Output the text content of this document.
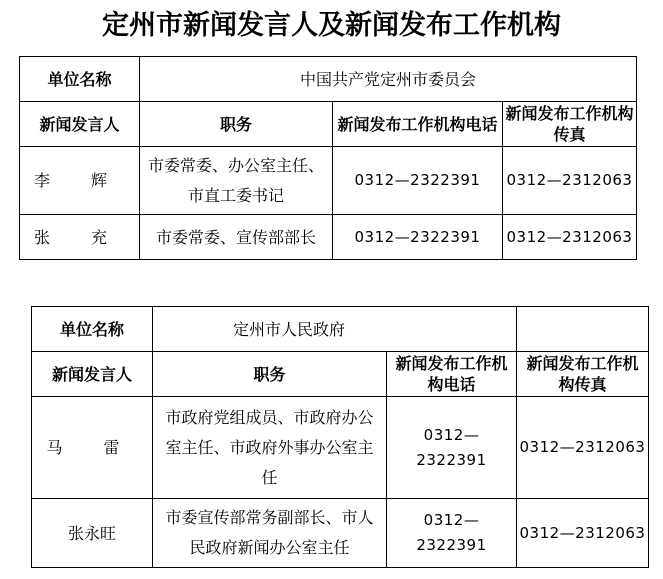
定州市新闻发言人及新闻发布工作机构
单位名称	中国共产党定州市委员会		
新闻发言人	职务	新闻发布工作机构电话	新闻发布工作机构传真
李 辉	市委常委、办公室主任、市直工委书记	0312—2322391	0312—2312063
张 充	市委常委、宣传部部长	0312—2322391	0312—2312063
单位名称	定州市人民政府		
新闻发言人	职务	新闻发布工作机构电话	新闻发布工作机构传真
马 雷	市政府党组成员、市政府办公室主任、市政府外事办公室主任	0312—2322391	0312—2312063
张永旺	市委宣传部常务副部长、市人民政府新闻办公室主任	0312—2322391	0312—2312063
